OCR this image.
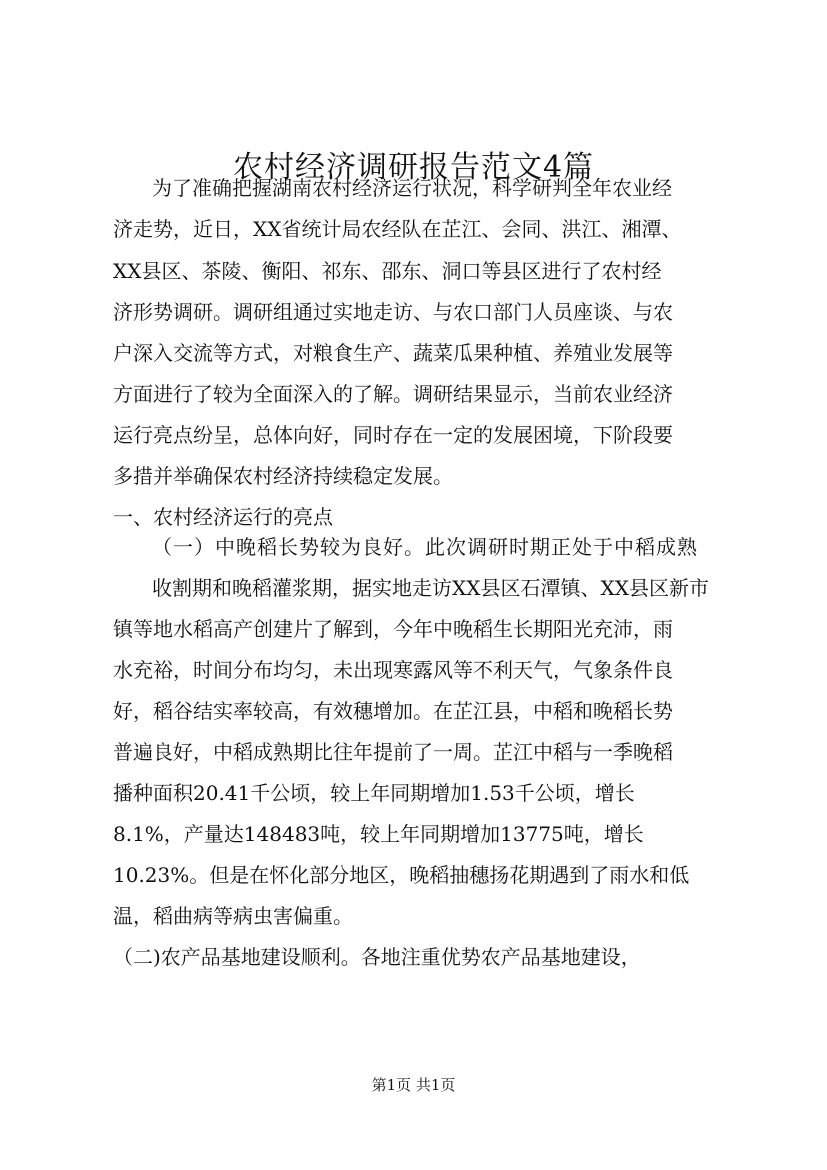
农村经济调研报告范文4篇
为了准确把握湖南农村经济运行状况，科学研判全年农业经
济走势，近日，XX省统计局农经队在芷江、会同、洪江、湘潭、
XX县区、茶陵、衡阳、祁东、邵东、洞口等县区进行了农村经
济形势调研。调研组通过实地走访、与农口部门人员座谈、与农
户深入交流等方式，对粮食生产、蔬菜瓜果种植、养殖业发展等
方面进行了较为全面深入的了解。调研结果显示，当前农业经济
运行亮点纷呈，总体向好，同时存在一定的发展困境，下阶段要
多措并举确保农村经济持续稳定发展。
一、农村经济运行的亮点
（一）中晚稻长势较为良好。此次调研时期正处于中稻成熟
收割期和晚稻灌浆期，据实地走访XX县区石潭镇、XX县区新市
镇等地水稻高产创建片了解到，今年中晚稻生长期阳光充沛，雨
水充裕，时间分布均匀，未出现寒露风等不利天气，气象条件良
好，稻谷结实率较高，有效穗增加。在芷江县，中稻和晚稻长势
普遍良好，中稻成熟期比往年提前了一周。芷江中稻与一季晚稻
播种面积20.41千公顷，较上年同期增加1.53千公顷，增长
8.1%，产量达148483吨，较上年同期增加13775吨，增长
10.23%。但是在怀化部分地区，晚稻抽穗扬花期遇到了雨水和低
温，稻曲病等病虫害偏重。
（二)农产品基地建设顺利。各地注重优势农产品基地建设，
第1页 共1页
